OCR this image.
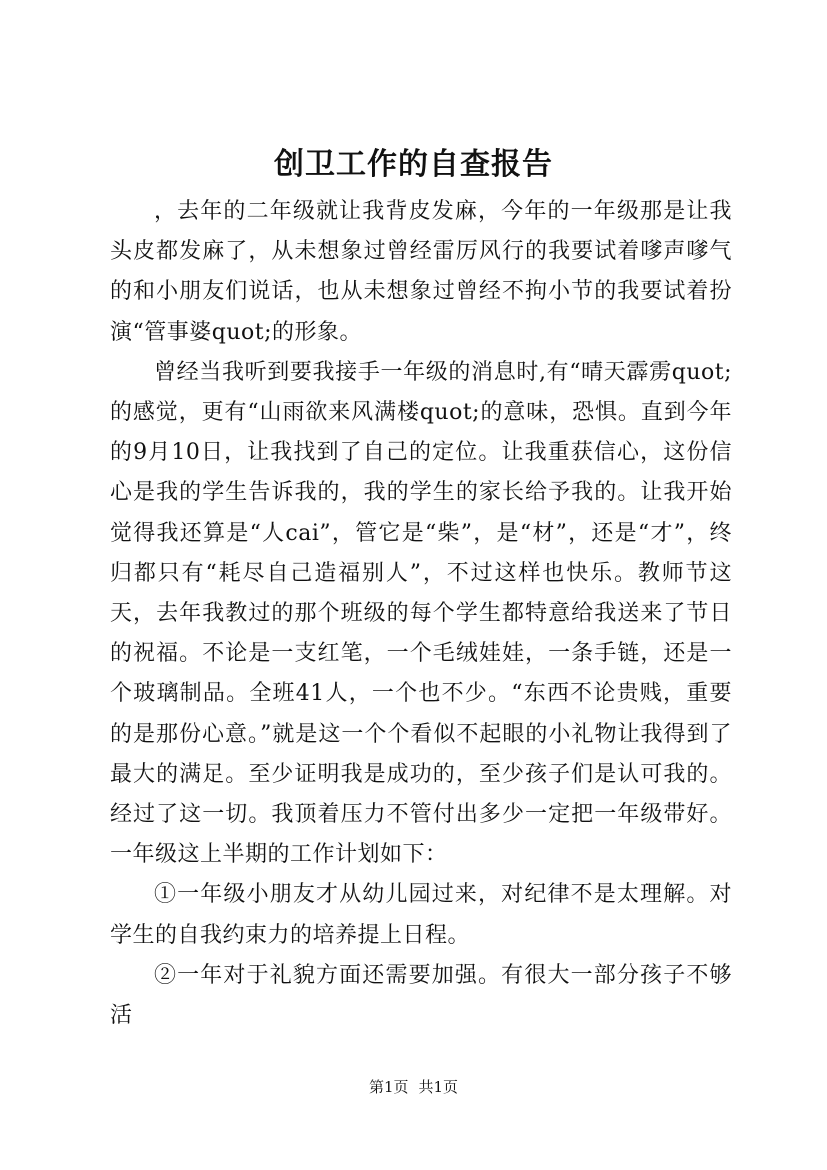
创卫工作的自查报告

，去年的二年级就让我背皮发麻，今年的一年级那是让我头皮都发麻了，从未想象过曾经雷厉风行的我要试着嗲声嗲气的和小朋友们说话，也从未想象过曾经不拘小节的我要试着扮演“管事婆quot;的形象。

曾经当我听到要我接手一年级的消息时,有“晴天霹雳quot;的感觉，更有“山雨欲来风满楼quot;的意味，恐惧。直到今年的9月10日，让我找到了自己的定位。让我重获信心，这份信心是我的学生告诉我的，我的学生的家长给予我的。让我开始觉得我还算是“人cai”，管它是“柴”，是“材”，还是“才”，终归都只有“耗尽自己造福别人”，不过这样也快乐。教师节这天，去年我教过的那个班级的每个学生都特意给我送来了节日的祝福。不论是一支红笔，一个毛绒娃娃，一条手链，还是一个玻璃制品。全班41人，一个也不少。“东西不论贵贱，重要的是那份心意。”就是这一个个看似不起眼的小礼物让我得到了最大的满足。至少证明我是成功的，至少孩子们是认可我的。经过了这一切。我顶着压力不管付出多少一定把一年级带好。一年级这上半期的工作计划如下：

①一年级小朋友才从幼儿园过来，对纪律不是太理解。对学生的自我约束力的培养提上日程。

②一年对于礼貌方面还需要加强。有很大一部分孩子不够活

第1页 共1页
